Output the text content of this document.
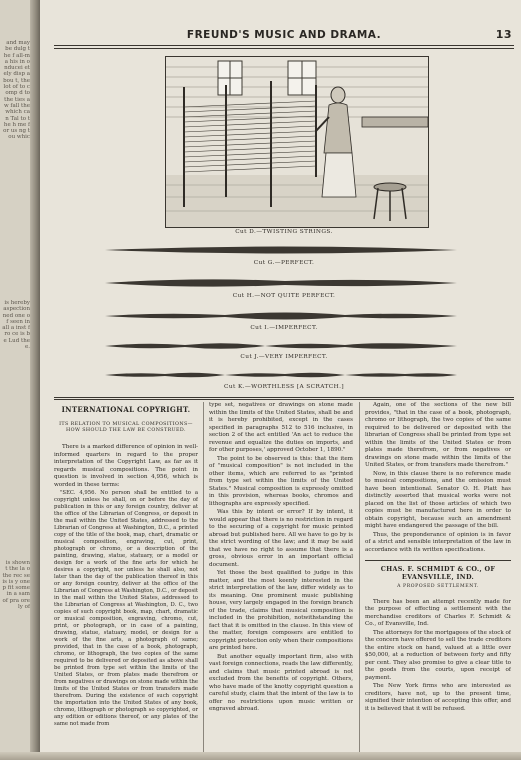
and may be dulg the f all-ma his in onducei etely disp a bou t, the lot of to comp d to the ties aw fall the which can Tal to the h me for us ng tou whic

is hereby aspection ned one of seen in all a inst fro ce is be Lud the e.

is shown t the la o the rec seis is y one p fit some in a sam of pra ore ly of

FREUND'S MUSIC AND DRAMA.	13
Cut D.—TWISTING STRINGS.
Cut G.—PERFECT.
Cut H.—NOT QUITE PERFECT.
Cut I.—IMPERFECT.
Cut J.—VERY IMPERFECT.
Cut K.—WORTHLESS [A SCRATCH.]
INTERNATIONAL COPYRIGHT.
ITS RELATION TO MUSICAL COMPOSITIONS—HOW SHOULD THE LAW BE CONSTRUED.

There is a marked difference of opinion in well-informed quarters in regard to the proper interpretation of the Copyright Law, as far as it regards musical compositions. The point in question is involved in section 4,956, which is worded in these terms:

"SEC. 4,956. No person shall be entitled to a copyright unless he shall, on or before the day of publication in this or any foreign country, deliver at the office of the Librarian of Congress, or deposit in the mail within the United States, addressed to the Librarian of Congress at Washington, D.C., a printed copy of the title of the book, map, chart, dramatic or musical composition, engraving, cut, print, photograph or chromo, or a description of the painting, drawing, statue, statuary, or a model or design for a work of the fine arts for which he desires a copyright, nor unless he shall also, not later than the day of the publication thereof in this or any foreign country, deliver at the office of the Librarian of Congress at Washington, D.C., or deposit in the mail within the United States, addressed to the Librarian of Congress at Washington, D. C., two copies of such copyright book, map, chart, dramatic or musical composition, engraving, chromo, cut, print, or photograph, or in case of a painting, drawing, statue, statuary, model, or design for a work of the fine arts, a photograph of same; provided, that in the case of a book, photograph, chromo, or lithograph, the two copies of the same required to be delivered or deposited as above shall be printed from type set within the limits of the United States, or from plates made therefrom or from negatives or drawings on stone made within the limits of the United States or from transfers made therefrom. During the existence of such copyright the importation into the United States of any book, chromo, lithograph or photograph so copyrighted, or any edition or editions thereof, or any plates of the same not made from

type set, negatives or drawings on stone made within the limits of the United States, shall be and it is hereby prohibited, except in the cases specified in paragraphs 512 to 516 inclusive, in section 2 of the act entitled 'An act to reduce the revenue and equalize the duties on imports, and for other purposes,' approved October 1, 1890."

The point to be observed is this: that the item of "musical composition" is not included in the other items, which are referred to as "printed from type set within the limits of the United States." Musical composition is expressly omitted in this provision, whereas books, chromos and lithographs are expressly specified.

Was this by intent or error? If by intent, it would appear that there is no restriction in regard to the securing of a copyright for music printed abroad but published here. All we have to go by is the strict wording of the law; and it may be said that we have no right to assume that there is a gross, obvious error in an important official document.

Yet those the best qualified to judge in this matter, and the most keenly interested in the strict interpretation of the law, differ widely as to its meaning. One prominent music publishing house, very largely engaged in the foreign branch of the trade, claims that musical composition is included in the prohibition, notwithstanding the fact that it is omitted in the clause. In this view of the matter, foreign composers are entitled to copyright protection only when their compositions are printed here.

But another equally important firm, also with vast foreign connections, reads the law differently, and claims that music printed abroad is not excluded from the benefits of copyright. Others, who have made of the knotty copyright question a careful study, claim that the intent of the law is to offer no restrictions upon music written or engraved abroad.

Again, one of the sections of the new bill provides, "that in the case of a book, photograph, chromo or lithograph, the two copies of the same required to be delivered or deposited with the librarian of Congress shall be printed from type set within the limits of the United States or from plates made therefrom, or from negatives or drawings on stone made within the limits of the United States, or from transfers made therefrom."

Now, in this clause there is no reference made to musical compositions, and the omission must have been intentional. Senator O. H. Platt has distinctly asserted that musical works were not placed on the list of those articles of which two copies must be manufactured here in order to obtain copyright, because such an amendment might have endangered the passage of the bill.

Thus, the preponderance of opinion is in favor of a strict and sensible interpretation of the law in accordance with its written specifications.

CHAS. F. SCHMIDT & CO., OF EVANSVILLE, IND.
A PROPOSED SETTLEMENT.

There has been an attempt recently made for the purpose of effecting a settlement with the merchandise creditors of Charles F. Schmidt & Co., of Evansville, Ind.

The attorneys for the mortgagees of the stock of the concern have offered to sell the trade creditors the entire stock on hand, valued at a little over $50,000, at a reduction of between forty and fifty per cent. They also promise to give a clear title to the goods from the courts, upon receipt of payment.

The New York firms who are interested as creditors, have not, up to the present time, signified their intention of accepting this offer, and it is believed that it will be refused.
